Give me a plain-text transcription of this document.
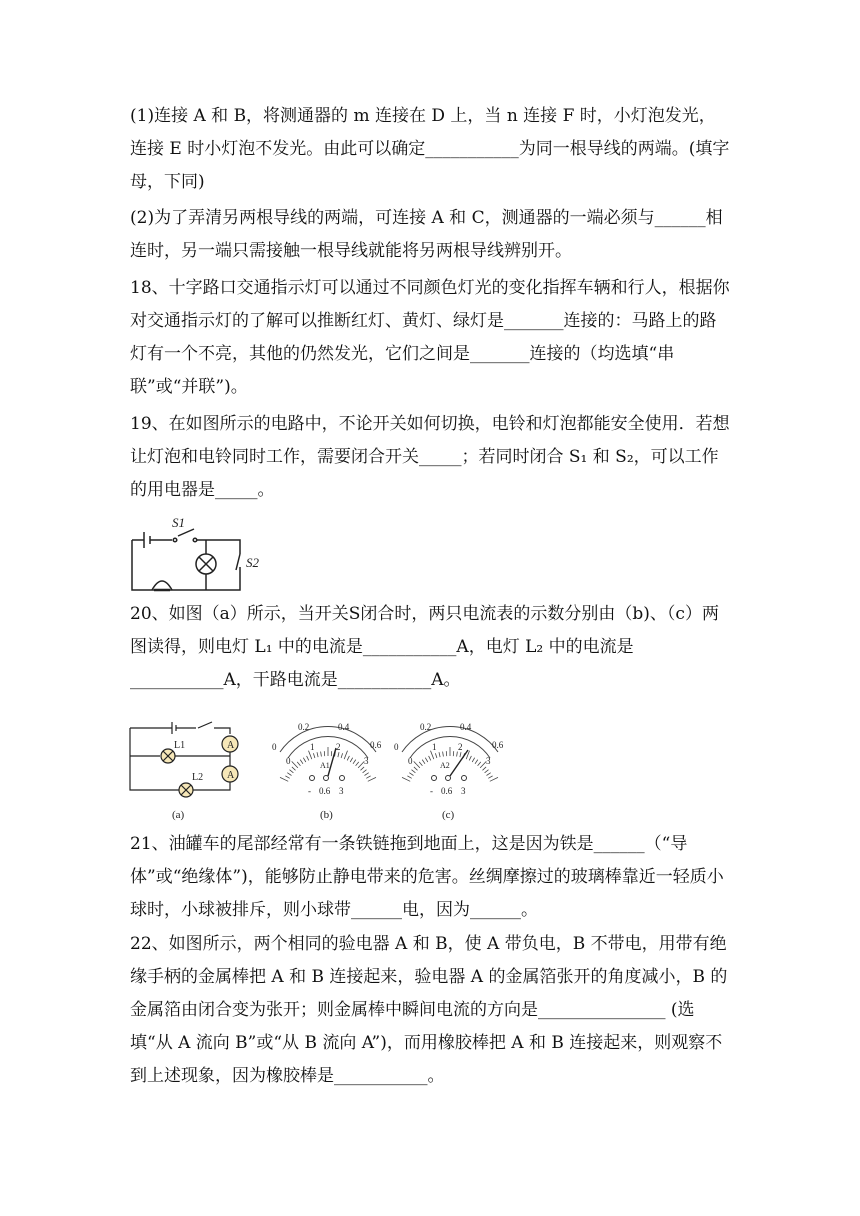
(1)连接 A 和 B，将测通器的 m 连接在 D 上，当 n 连接 F 时，小灯泡发光，连接 E 时小灯泡不发光。由此可以确定___________为同一根导线的两端。(填字母，下同)

(2)为了弄清另两根导线的两端，可连接 A 和 C，测通器的一端必须与______相连时，另一端只需接触一根导线就能将另两根导线辨别开。

18、十字路口交通指示灯可以通过不同颜色灯光的变化指挥车辆和行人，根据你对交通指示灯的了解可以推断红灯、黄灯、绿灯是_______连接的：马路上的路灯有一个不亮，其他的仍然发光，它们之间是_______连接的（均选填“串联”或“并联”)。

19、在如图所示的电路中，不论开关如何切换，电铃和灯泡都能安全使用．若想让灯泡和电铃同时工作，需要闭合开关_____；若同时闭合 S₁ 和 S₂，可以工作的用电器是_____。

S1
S2

20、如图（a）所示，当开关S闭合时，两只电流表的示数分别由（b)、（c）两图读得，则电灯 L₁ 中的电流是___________A，电灯 L₂ 中的电流是___________A，干路电流是___________A。

A
A
L1
L2
(a)
0.2	0.4
0	0.6
1 2
0	3
A1
- 0.6 3
(b)
0.2	0.4
0	0.6
1 2
0	3
A2
- 0.6 3
(c)

21、油罐车的尾部经常有一条铁链拖到地面上，这是因为铁是______（“导体”或“绝缘体”)，能够防止静电带来的危害。丝绸摩擦过的玻璃棒靠近一轻质小球时，小球被排斥，则小球带______电，因为______。

22、如图所示，两个相同的验电器 A 和 B，使 A 带负电，B 不带电，用带有绝缘手柄的金属棒把 A 和 B 连接起来，验电器 A 的金属箔张开的角度减小，B 的金属箔由闭合变为张开；则金属棒中瞬间电流的方向是_______________ (选填“从 A 流向 B”或“从 B 流向 A”)，而用橡胶棒把 A 和 B 连接起来，则观察不到上述现象，因为橡胶棒是___________。
